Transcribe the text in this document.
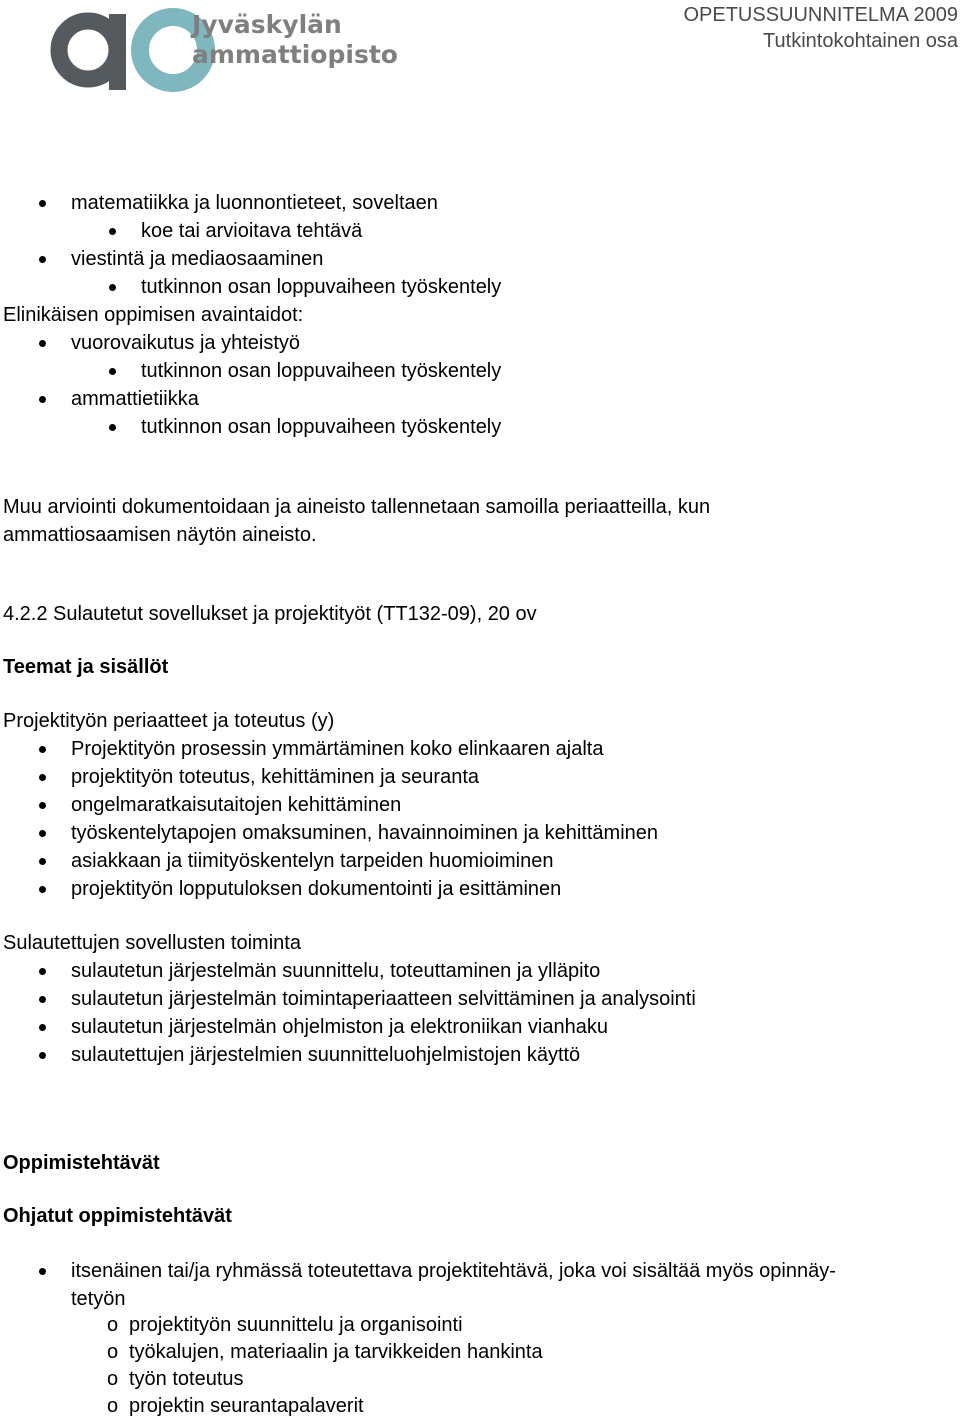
Jyväskylän
ammattiopisto
OPETUSSUUNNITELMA 2009
Tutkintokohtainen osa
matematiikka ja luonnontieteet, soveltaen
koe tai arvioitava tehtävä
viestintä ja mediaosaaminen
tutkinnon osan loppuvaiheen työskentely
Elinikäisen oppimisen avaintaidot:
vuorovaikutus ja yhteistyö
tutkinnon osan loppuvaiheen työskentely
ammattietiikka
tutkinnon osan loppuvaiheen työskentely
Muu arviointi dokumentoidaan ja aineisto tallennetaan samoilla periaatteilla, kun
ammattiosaamisen näytön aineisto.
4.2.2 Sulautetut sovellukset ja projektityöt (TT132-09), 20 ov
Teemat ja sisällöt
Projektityön periaatteet ja toteutus (y)
Projektityön prosessin ymmärtäminen koko elinkaaren ajalta
projektityön toteutus, kehittäminen ja seuranta
ongelmaratkaisutaitojen kehittäminen
työskentelytapojen omaksuminen, havainnoiminen ja kehittäminen
asiakkaan ja tiimityöskentelyn tarpeiden huomioiminen
projektityön lopputuloksen dokumentointi ja esittäminen
Sulautettujen sovellusten toiminta
sulautetun järjestelmän suunnittelu, toteuttaminen ja ylläpito
sulautetun järjestelmän toimintaperiaatteen selvittäminen ja analysointi
sulautetun järjestelmän ohjelmiston ja elektroniikan vianhaku
sulautettujen järjestelmien suunnitteluohjelmistojen käyttö
Oppimistehtävät
Ohjatut oppimistehtävät
itsenäinen tai/ja ryhmässä toteutettava projektitehtävä, joka voi sisältää myös opinnäy-
tetyön
o projektityön suunnittelu ja organisointi
o työkalujen, materiaalin ja tarvikkeiden hankinta
o työn toteutus
o projektin seurantapalaverit
